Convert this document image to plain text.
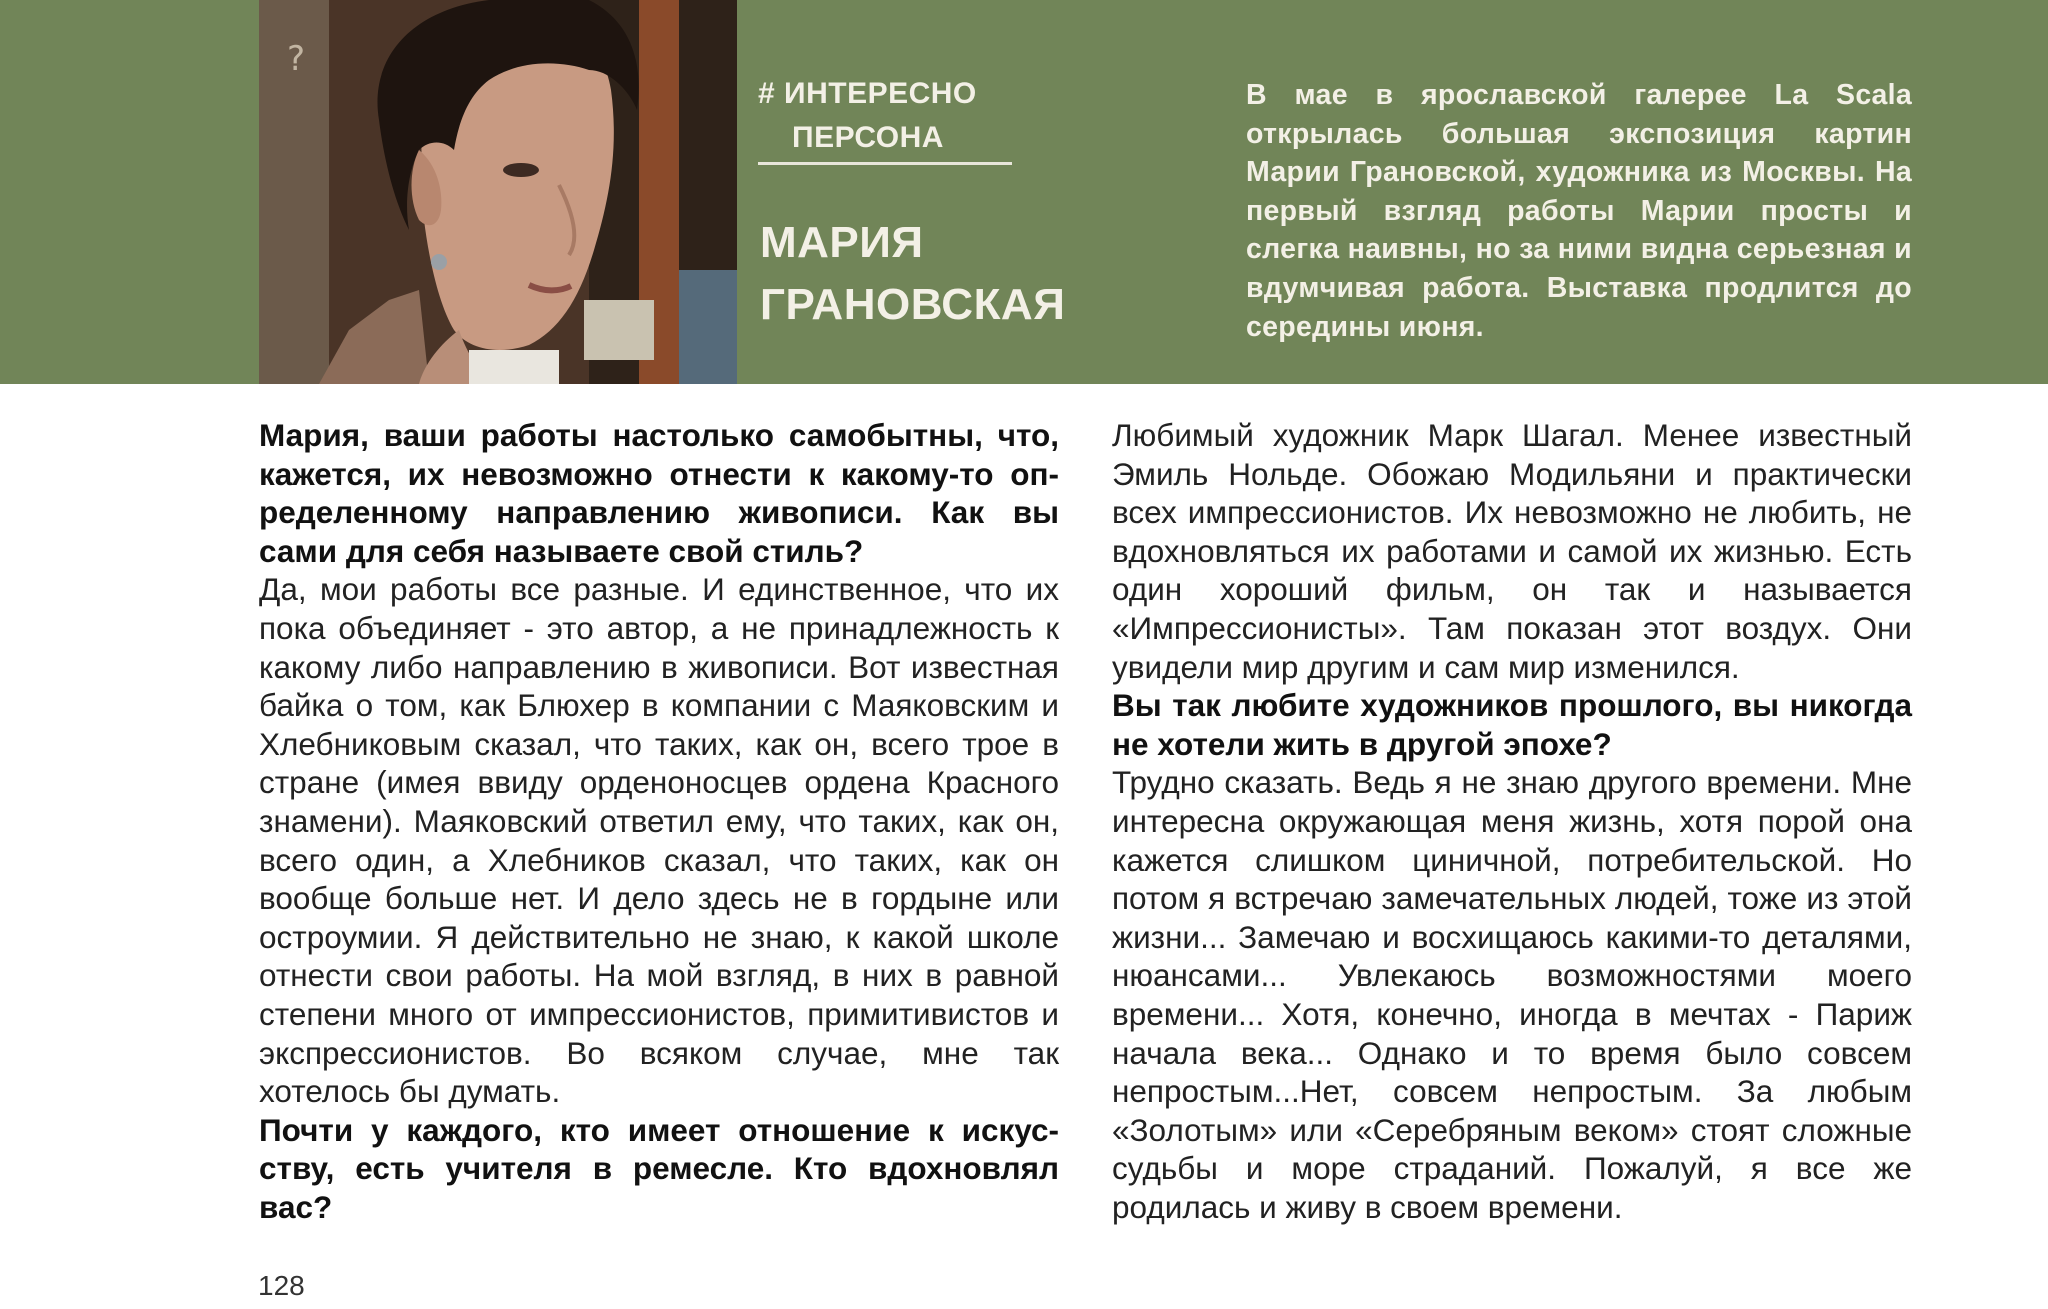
?
# ИНТЕРЕСНО
ПЕРСОНА
МАРИЯ
ГРАНОВСКАЯ
В мае в ярославской галерее La Scala открылась большая экспозиция картин Марии Грановской, художника из Москвы. На первый взгляд работы Марии просты и слегка наивны, но за ними видна серьезная и вдумчивая работа. Выставка продлится до середины июня.

Мария, ваши работы настолько самобытны, что, кажется, их невозможно отнести к какому-то определенному направлению живописи. Как вы сами для себя называете свой стиль?

Да, мои работы все разные. И единственное, что их пока объединяет - это автор, а не принадлежность к какому либо направлению в живописи. Вот известная байка о том, как Блюхер в компании с Маяковским и Хлебниковым сказал, что таких, как он, всего трое в стране (имея ввиду орденоносцев ордена Красного знамени). Маяковский ответил ему, что таких, как он, всего один, а Хлебников сказал, что таких, как он вообще больше нет. И дело здесь не в гордыне или остроумии. Я действительно не знаю, к какой школе отнести свои работы. На мой взгляд, в них в равной степени много от импрессионистов, примитивистов и экспрессионистов. Во всяком случае, мне так хотелось бы думать.

Почти у каждого, кто имеет отношение к искусству, есть учителя в ремесле. Кто вдохновлял вас?

Любимый художник Марк Шагал. Менее известный Эмиль Нольде. Обожаю Модильяни и практически всех импрессионистов. Их невозможно не любить, не вдохновляться их работами и самой их жизнью. Есть один хороший фильм, он так и называется «Импрессионисты». Там показан этот воздух. Они увидели мир другим и сам мир изменился.

Вы так любите художников прошлого, вы никогда не хотели жить в другой эпохе?

Трудно сказать. Ведь я не знаю другого времени. Мне интересна окружающая меня жизнь, хотя порой она кажется слишком циничной, потребительской. Но потом я встречаю замечательных людей, тоже из этой жизни... Замечаю и восхищаюсь какими-то деталями, нюансами... Увлекаюсь возможностями моего времени... Хотя, конечно, иногда в мечтах - Париж начала века... Однако и то время было совсем непростым...Нет, совсем непростым. За любым «Золотым» или «Серебряным веком» стоят сложные судьбы и море страданий. Пожалуй, я все же родилась и живу в своем времени.

128
